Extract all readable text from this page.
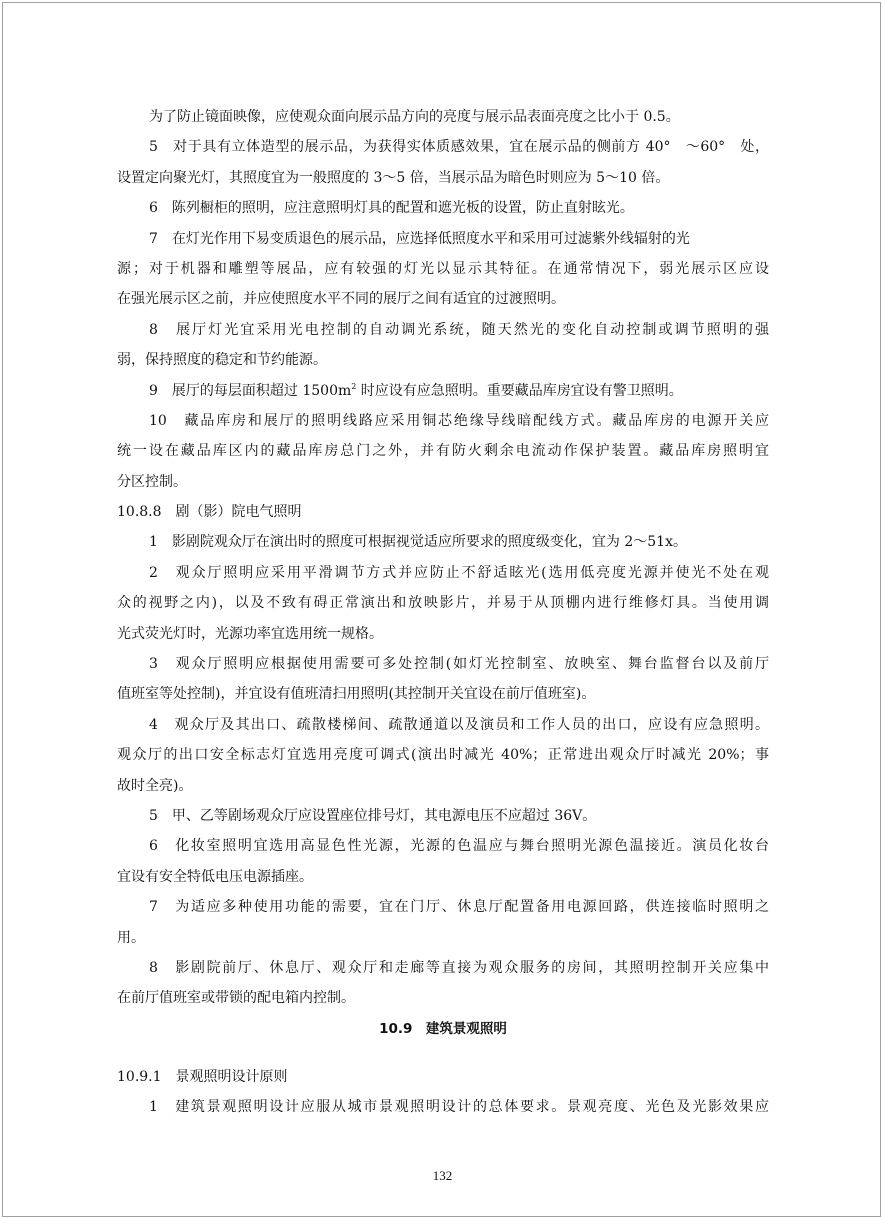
为了防止镜面映像，应使观众面向展示品方向的亮度与展示品表面亮度之比小于 0.5。
5　对于具有立体造型的展示品，为获得实体质感效果，宜在展示品的侧前方 40°　～60°　处，
设置定向聚光灯，其照度宜为一般照度的 3～5 倍，当展示品为暗色时则应为 5～10 倍。
6　陈列橱柜的照明，应注意照明灯具的配置和遮光板的设置，防止直射眩光。
7　在灯光作用下易变质退色的展示品，应选择低照度水平和采用可过滤紫外线辐射的光
源；对于机器和雕塑等展品，应有较强的灯光以显示其特征。在通常情况下，弱光展示区应设
在强光展示区之前，并应使照度水平不同的展厅之间有适宜的过渡照明。
8　展厅灯光宜采用光电控制的自动调光系统，随天然光的变化自动控制或调节照明的强
弱，保持照度的稳定和节约能源。
9　展厅的每层面积超过 $1500m^2$ 时应设有应急照明。重要藏品库房宜设有警卫照明。
10　藏品库房和展厅的照明线路应采用铜芯绝缘导线暗配线方式。藏品库房的电源开关应
统一设在藏品库区内的藏品库房总门之外，并有防火剩余电流动作保护装置。藏品库房照明宜
分区控制。
10.8.8　剧（影）院电气照明
1　影剧院观众厅在演出时的照度可根据视觉适应所要求的照度级变化，宜为 2～51x。
2　观众厅照明应采用平滑调节方式并应防止不舒适眩光(选用低亮度光源并使光不处在观
众的视野之内)，以及不致有碍正常演出和放映影片，并易于从顶棚内进行维修灯具。当使用调
光式荧光灯时，光源功率宜选用统一规格。
3　观众厅照明应根据使用需要可多处控制(如灯光控制室、放映室、舞台监督台以及前厅
值班室等处控制)，并宜设有值班清扫用照明(其控制开关宜设在前厅值班室)。
4　观众厅及其出口、疏散楼梯间、疏散通道以及演员和工作人员的出口，应设有应急照明。
观众厅的出口安全标志灯宜选用亮度可调式(演出时减光 40%；正常进出观众厅时减光 20%；事
故时全亮)。
5　甲、乙等剧场观众厅应设置座位排号灯，其电源电压不应超过 36V。
6　化妆室照明宜选用高显色性光源，光源的色温应与舞台照明光源色温接近。演员化妆台
宜设有安全特低电压电源插座。
7　为适应多种使用功能的需要，宜在门厅、休息厅配置备用电源回路，供连接临时照明之
用。
8　影剧院前厅、休息厅、观众厅和走廊等直接为观众服务的房间，其照明控制开关应集中
在前厅值班室或带锁的配电箱内控制。
10.9　建筑景观照明
10.9.1　景观照明设计原则
1　建筑景观照明设计应服从城市景观照明设计的总体要求。景观亮度、光色及光影效果应
132
